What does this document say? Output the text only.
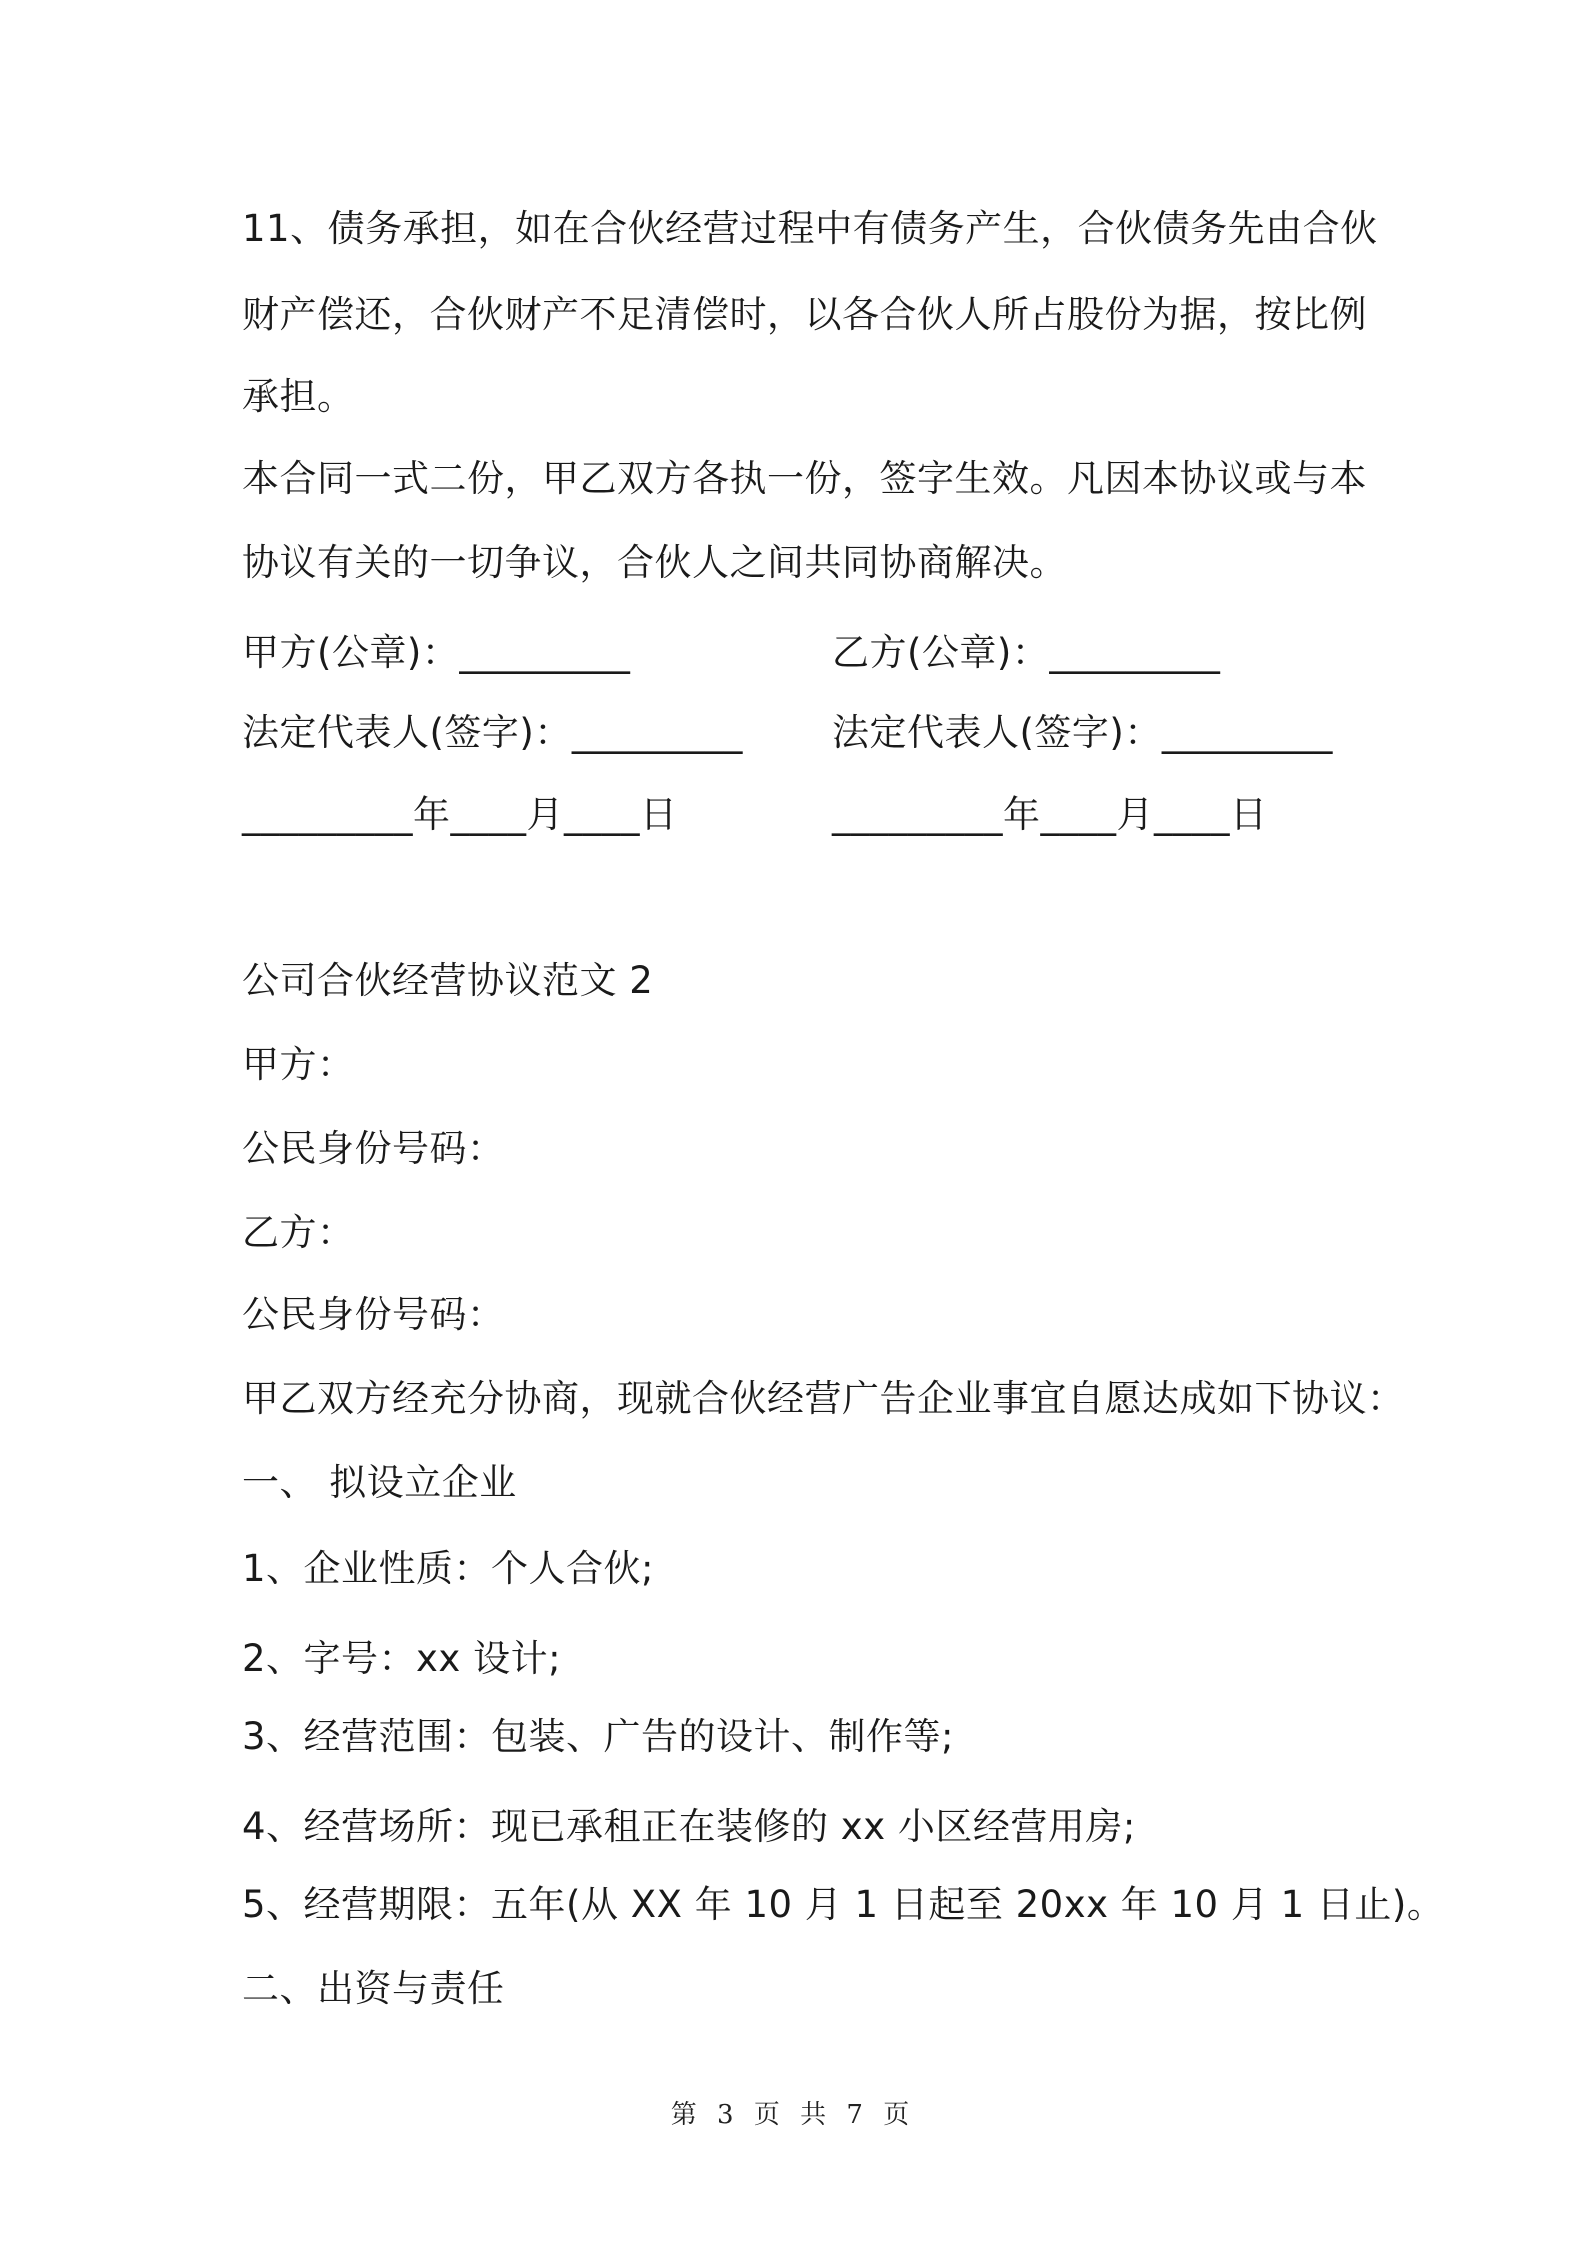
11、债务承担，如在合伙经营过程中有债务产生，合伙债务先由合伙
财产偿还，合伙财产不足清偿时，以各合伙人所占股份为据，按比例
承担。
本合同一式二份，甲乙双方各执一份，签字生效。凡因本协议或与本
协议有关的一切争议，合伙人之间共同协商解决。
甲方(公章)：_________	乙方(公章)：_________
法定代表人(签字)：_________ 法定代表人(签字)：_________
_________年____月____日	_________年____月____日
公司合伙经营协议范文 2
甲方：
公民身份号码：
乙方：
公民身份号码：
甲乙双方经充分协商，现就合伙经营广告企业事宜自愿达成如下协议：
一、 拟设立企业
1、企业性质：个人合伙;
2、字号：xx 设计;
3、经营范围：包装、广告的设计、制作等;
4、经营场所：现已承租正在装修的 xx 小区经营用房;
5、经营期限：五年(从 XX 年 10 月 1 日起至 20xx 年 10 月 1 日止)。
二、出资与责任
第 3 页 共 7 页
